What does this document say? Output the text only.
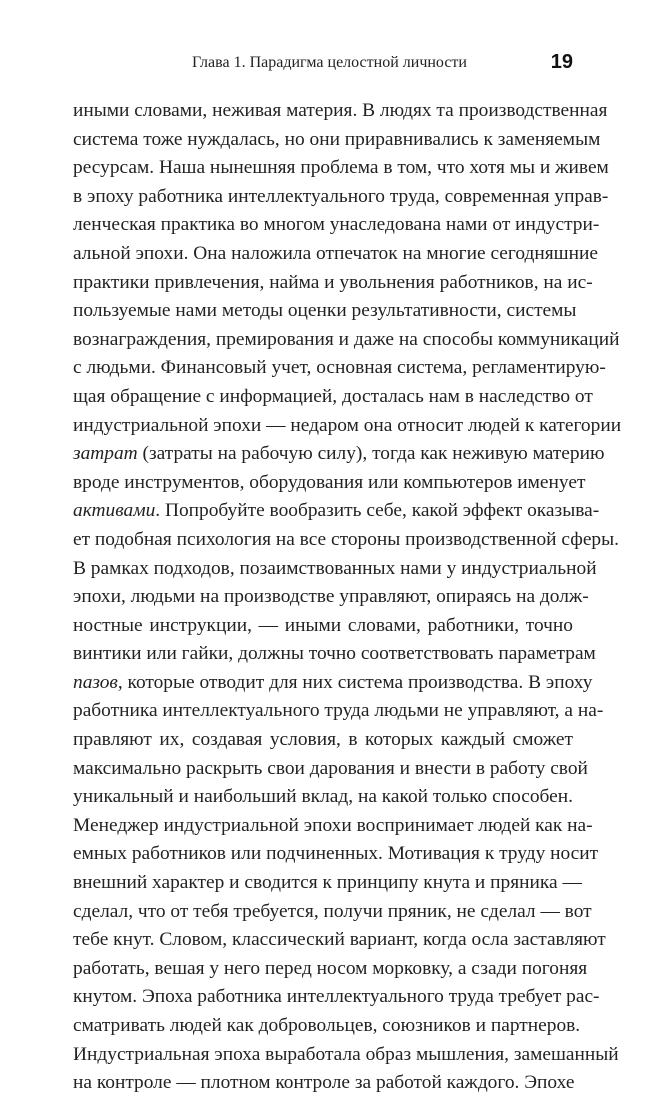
Глава 1. Парадигма целостной личности	19
иными словами, неживая материя. В людях та производственная
система тоже нуждалась, но они приравнивались к заменяемым
ресурсам. Наша нынешняя проблема в том, что хотя мы и живем
в эпоху работника интеллектуального труда, современная управ-
ленческая практика во многом унаследована нами от индустри-
альной эпохи. Она наложила отпечаток на многие сегодняшние
практики привлечения, найма и увольнения работников, на ис-
пользуемые нами методы оценки результативности, системы
вознаграждения, премирования и даже на способы коммуникаций
с людьми. Финансовый учет, основная система, регламентирую-
щая обращение с информацией, досталась нам в наследство от
индустриальной эпохи — недаром она относит людей к категории
затрат (затраты на рабочую силу), тогда как неживую материю
вроде инструментов, оборудования или компьютеров именует
активами. Попробуйте вообразить себе, какой эффект оказыва-
ет подобная психология на все стороны производственной сферы.
В рамках подходов, позаимствованных нами у индустриальной
эпохи, людьми на производстве управляют, опираясь на долж-
ностные инструкции, — иными словами, работники, точно
винтики или гайки, должны точно соответствовать параметрам
пазов, которые отводит для них система производства. В эпоху
работника интеллектуального труда людьми не управляют, а на-
правляют их, создавая условия, в которых каждый сможет
максимально раскрыть свои дарования и внести в работу свой
уникальный и наибольший вклад, на какой только способен.
Менеджер индустриальной эпохи воспринимает людей как на-
емных работников или подчиненных. Мотивация к труду носит
внешний характер и сводится к принципу кнута и пряника —
сделал, что от тебя требуется, получи пряник, не сделал — вот
тебе кнут. Словом, классический вариант, когда осла заставляют
работать, вешая у него перед носом морковку, а сзади погоняя
кнутом. Эпоха работника интеллектуального труда требует рас-
сматривать людей как добровольцев, союзников и партнеров.
Индустриальная эпоха выработала образ мышления, замешанный
на контроле — плотном контроле за работой каждого. Эпохе
